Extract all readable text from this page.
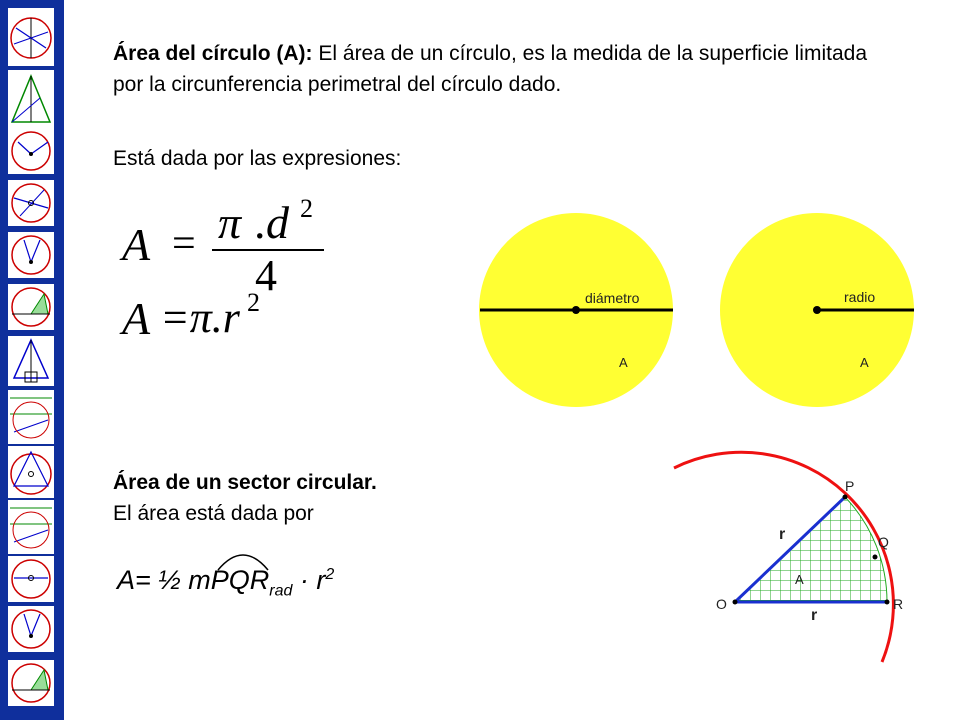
Área del círculo (A): El área de un círculo, es la medida de la superficie limitada por la circunferencia perimetral del círculo dado.
Está dada por las expresiones:
A = π . d 2
4
A =π.r 2	diámetro
A
radio
A
Área de un sector circular.
El área está dada por
A= ½ mPQR$_{rad}$ · $r^2$
P
Q
O	R
A
r
r
